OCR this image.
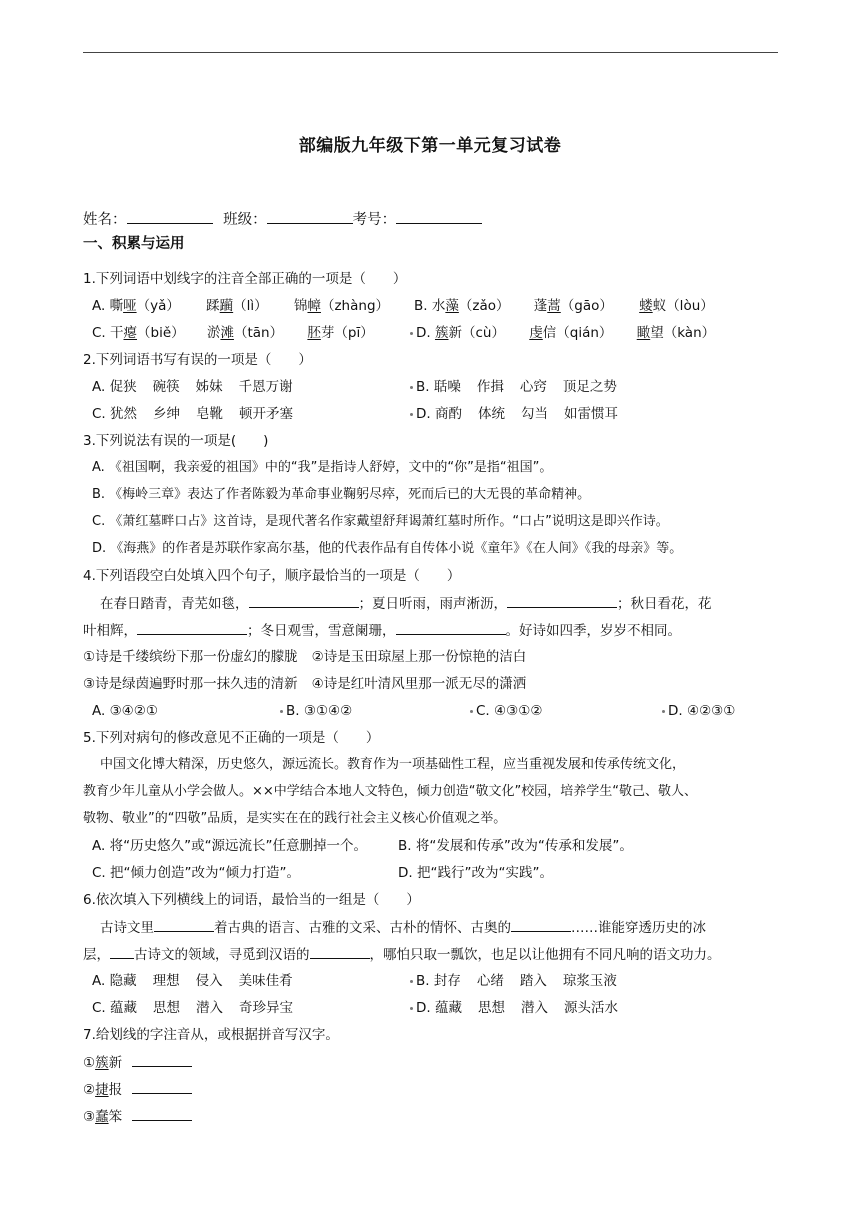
部编版九年级下第一单元复习试卷
姓名：	班级：	考号：
一、积累与运用
1.下列词语中划线字的注音全部正确的一项是（　　）
A. 嘶哑（yǎ） 蹂躏（lì） 锦幛（zhàng） B. 水藻（zǎo） 蓬蒿（gāo） 蝼蚁（lòu）
C. 干瘪（biě） 淤滩（tān） 胚芽（pī）	D. 簇新（cù） 虔信（qián） 瞰望（kàn）
2.下列词语书写有误的一项是（　　）
A. 促狭 碗筷 姊妹 千恩万谢	B. 聒噪 作揖 心窍 顶足之势
C. 犹然 乡绅 皂靴 顿开矛塞	D. 商酌 体统 勾当 如雷惯耳
3.下列说法有误的一项是(　　)
A. 《祖国啊，我亲爱的祖国》中的“我”是指诗人舒婷，文中的“你”是指“祖国”。
B. 《梅岭三章》表达了作者陈毅为革命事业鞠躬尽瘁，死而后已的大无畏的革命精神。
C. 《萧红墓畔口占》这首诗，是现代著名作家戴望舒拜谒萧红墓时所作。“口占”说明这是即兴作诗。
D. 《海燕》的作者是苏联作家高尔基，他的代表作品有自传体小说《童年》《在人间》《我的母亲》等。
4.下列语段空白处填入四个句子，顺序最恰当的一项是（　　）
在春日踏青，青芜如毯，	；夏日听雨，雨声淅沥，	；秋日看花，花
叶相辉，	；冬日观雪，雪意阑珊，	。好诗如四季，岁岁不相同。
①诗是千缕缤纷下那一份虚幻的朦胧 ②诗是玉田琼屋上那一份惊艳的洁白
③诗是绿茵遍野时那一抹久违的清新 ④诗是红叶清风里那一派无尽的潇洒
A. ③④②①	B. ③①④②	C. ④③①②	D. ④②③①
5.下列对病句的修改意见不正确的一项是（　　）
中国文化博大精深，历史悠久，源远流长。教育作为一项基础性工程，应当重视发展和传承传统文化，
教育少年儿童从小学会做人。××中学结合本地人文特色，倾力创造“敬文化”校园，培养学生“敬己、敬人、
敬物、敬业”的“四敬”品质，是实实在在的践行社会主义核心价值观之举。
A. 将“历史悠久”或“源远流长”任意删掉一个。 B. 将“发展和传承”改为“传承和发展”。
C. 把“倾力创造”改为“倾力打造”。	D. 把“践行”改为“实践”。
6.依次填入下列横线上的词语，最恰当的一组是（　　）
古诗文里	着古典的语言、古雅的文采、古朴的情怀、古奥的	……谁能穿透历史的冰
层， 古诗文的领域，寻觅到汉语的	，哪怕只取一瓢饮，也足以让他拥有不同凡响的语文功力。
A. 隐藏 理想 侵入 美味佳肴	B. 封存 心绪 踏入 琼浆玉液
C. 蕴藏 思想 潜入 奇珍异宝	D. 蕴藏 思想 潜入 源头活水
7.给划线的字注音从，或根据拼音写汉字。
①簇新
②捷报
③蠢笨
